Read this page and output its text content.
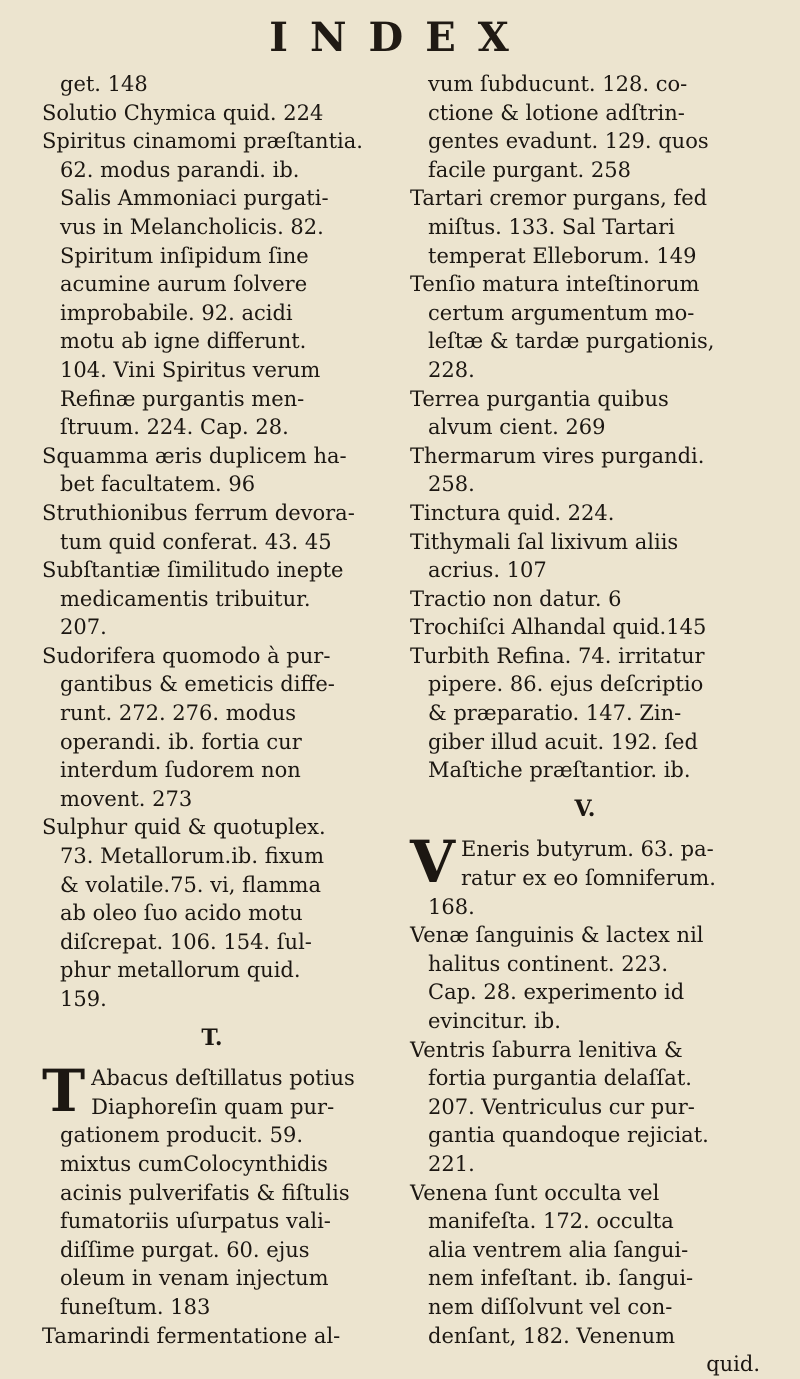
INDEX
get. 148
Solutio Chymica quid. 224
Spiritus cinamomi præſtantia.
62. modus parandi. ib.
Salis Ammoniaci purgati-
vus in Melancholicis. 82.
Spiritum inſipidum ſine
acumine aurum ſolvere
improbabile. 92. acidi
motu ab igne differunt.
104. Vini Spiritus verum
Refinæ purgantis men-
ſtruum. 224. Cap. 28.
Squamma æris duplicem ha-
bet facultatem. 96
Struthionibus ferrum devora-
tum quid conferat. 43. 45
Subſtantiæ ſimilitudo inepte
medicamentis tribuitur.
207.
Sudorifera quomodo à pur-
gantibus & emeticis diffe-
runt. 272. 276. modus
operandi. ib. fortia cur
interdum ſudorem non
movent. 273
Sulphur quid & quotuplex.
73. Metallorum.ib. fixum
& volatile.75. vi, flamma
ab oleo ſuo acido motu
diſcrepat. 106. 154. ſul-
phur metallorum quid.
159.
T.
T Abacus deſtillatus potius
Diaphoreſin quam pur-
gationem producit. 59.
mixtus cumColocynthidis
acinis pulverifatis & fiſtulis
fumatoriis uſurpatus vali-
diſſime purgat. 60. ejus
oleum in venam injectum
funeſtum. 183
Tamarindi fermentatione al-
vum ſubducunt. 128. co-
ctione & lotione adſtrin-
gentes evadunt. 129. quos
facile purgant. 258
Tartari cremor purgans, fed
miſtus. 133. Sal Tartari
temperat Elleborum. 149
Tenſio matura inteſtinorum
certum argumentum mo-
leſtæ & tardæ purgationis,
228.
Terrea purgantia quibus
alvum cient. 269
Thermarum vires purgandi.
258.
Tinctura quid. 224.
Tithymali ſal lixivum aliis
acrius. 107
Tractio non datur. 6
Trochiſci Alhandal quid.145
Turbith Refina. 74. irritatur
pipere. 86. ejus deſcriptio
& præparatio. 147. Zin-
giber illud acuit. 192. ſed
Maſtiche præſtantior. ib.
V.
V Eneris butyrum. 63. pa-
ratur ex eo ſomniferum.
168.
Venæ ſanguinis & lactex nil
halitus continent. 223.
Cap. 28. experimento id
evincitur. ib.
Ventris ſaburra lenitiva &
fortia purgantia delaſſat.
207. Ventriculus cur pur-
gantia quandoque rejiciat.
221.
Venena ſunt occulta vel
manifeſta. 172. occulta
alia ventrem alia ſangui-
nem infeſtant. ib. ſangui-
nem diſſolvunt vel con-
denſant, 182. Venenum
quid.
